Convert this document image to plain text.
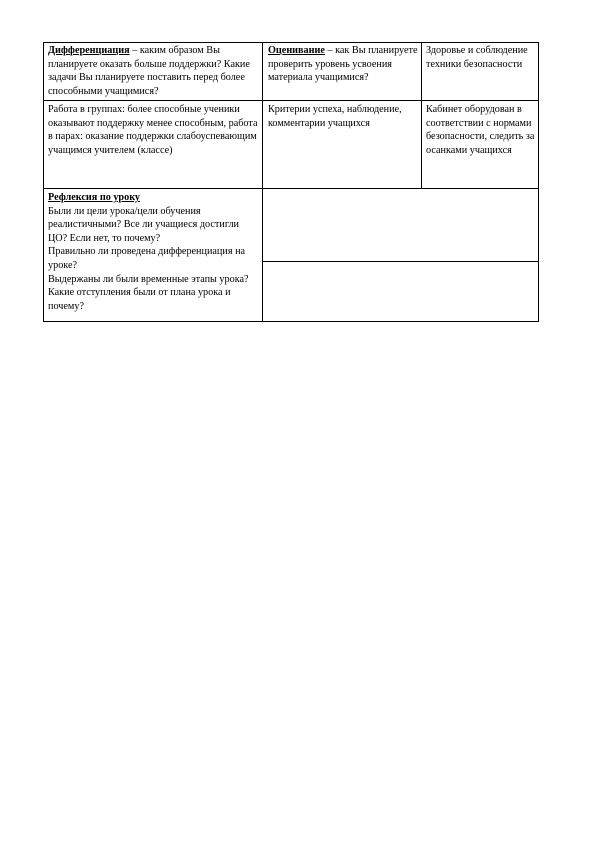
Дифференциация – каким образом Вы планируете оказать больше поддержки? Какие задачи Вы планируете поставить перед более способными учащимися?
Оценивание – как Вы планируете проверить уровень усвоения материала учащимися?
Здоровье и соблюдение техники безопасности
Работа в группах: более способные ученики оказывают поддержку менее способным, работа в парах: оказание поддержки слабоуспевающим учащимся учителем (классе)
Критерии успеха, наблюдение, комментарии учащихся
Кабинет оборудован в соответствии с нормами безопасности, следить за осанками учащихся
Рефлексия по уроку
Были ли цели урока/цели обучения реалистичными? Все ли учащиеся достигли ЦО? Если нет, то почему?
Правильно ли проведена дифференциация на уроке?
Выдержаны ли были временные этапы урока? Какие отступления были от плана урока и почему?
